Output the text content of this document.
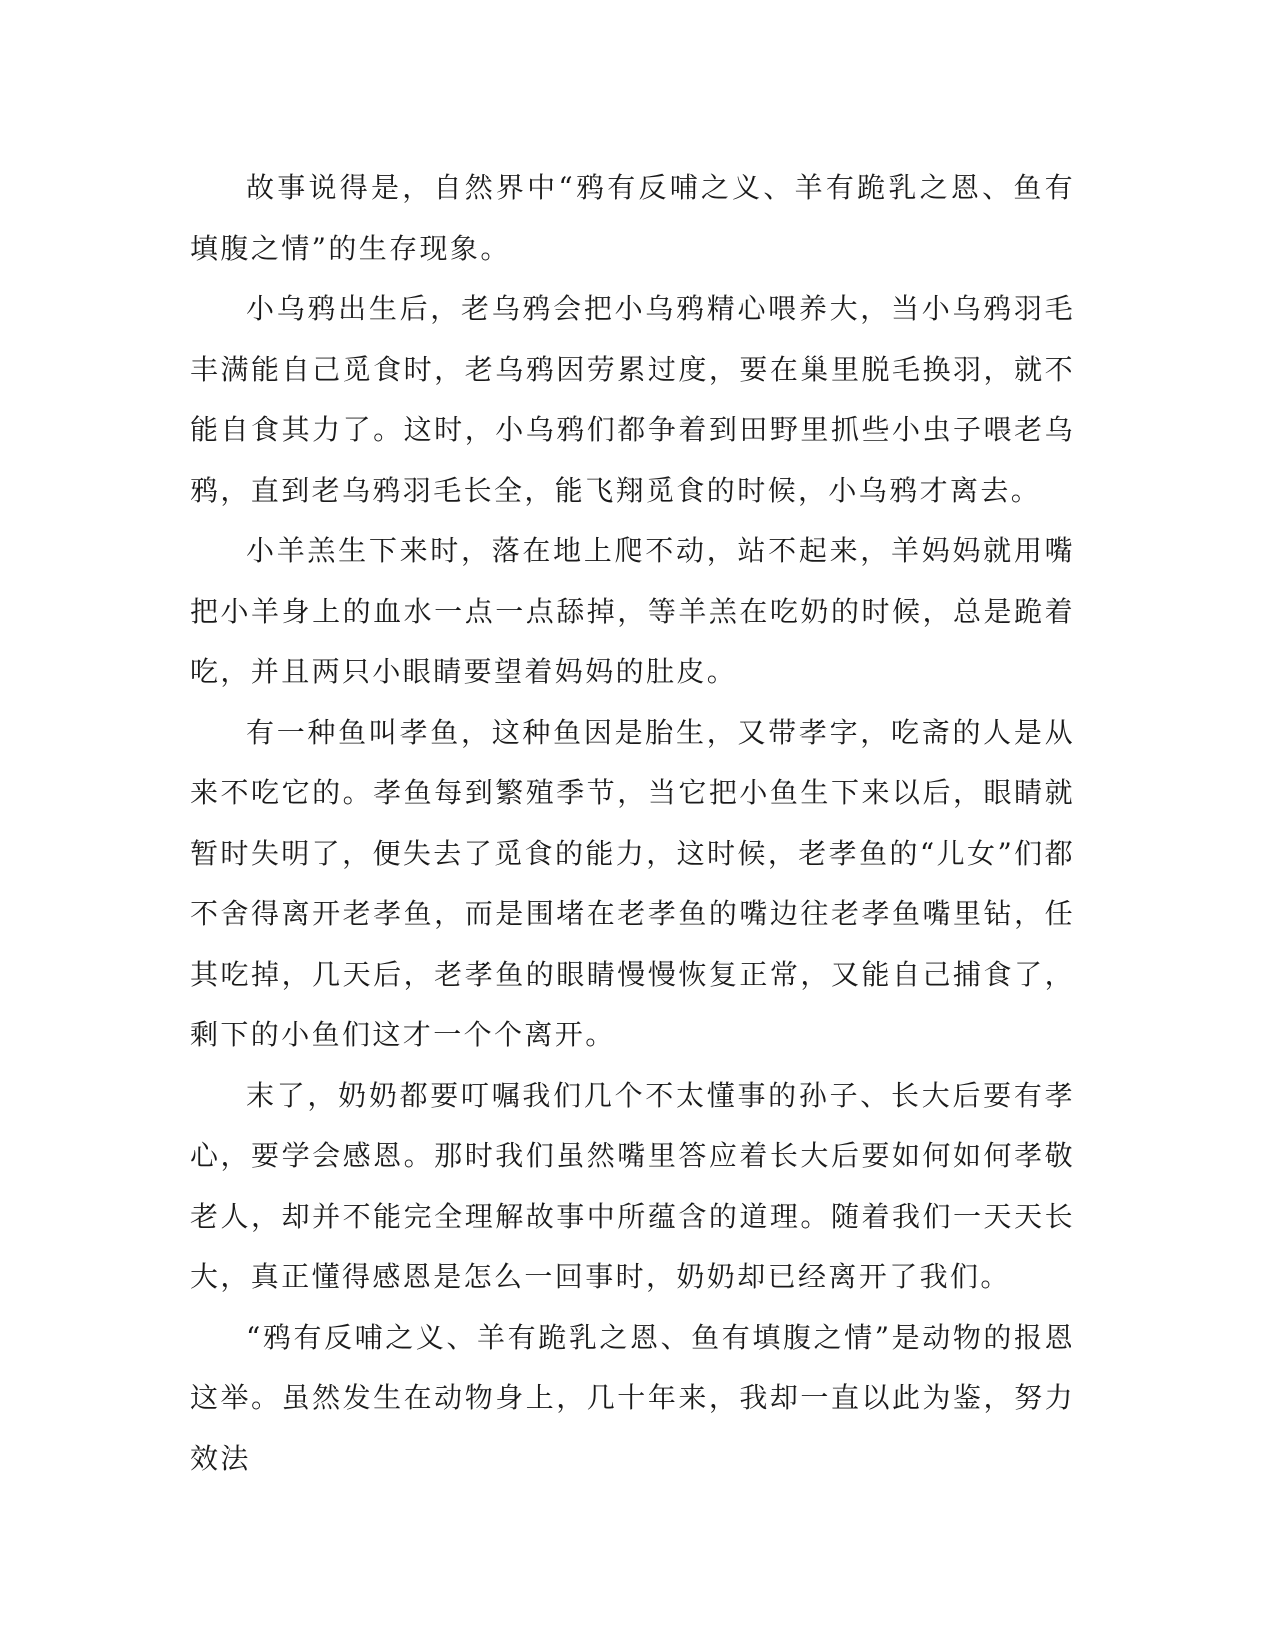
故事说得是，自然界中“鸦有反哺之义、羊有跪乳之恩、鱼有填腹之情”的生存现象。

小乌鸦出生后，老乌鸦会把小乌鸦精心喂养大，当小乌鸦羽毛丰满能自己觅食时，老乌鸦因劳累过度，要在巢里脱毛换羽，就不能自食其力了。这时，小乌鸦们都争着到田野里抓些小虫子喂老乌鸦，直到老乌鸦羽毛长全，能飞翔觅食的时候，小乌鸦才离去。

小羊羔生下来时，落在地上爬不动，站不起来，羊妈妈就用嘴把小羊身上的血水一点一点舔掉，等羊羔在吃奶的时候，总是跪着吃，并且两只小眼睛要望着妈妈的肚皮。

有一种鱼叫孝鱼，这种鱼因是胎生，又带孝字，吃斋的人是从来不吃它的。孝鱼每到繁殖季节，当它把小鱼生下来以后，眼睛就暂时失明了，便失去了觅食的能力，这时候，老孝鱼的“儿女”们都不舍得离开老孝鱼，而是围堵在老孝鱼的嘴边往老孝鱼嘴里钻，任其吃掉，几天后，老孝鱼的眼睛慢慢恢复正常，又能自己捕食了，剩下的小鱼们这才一个个离开。

末了，奶奶都要叮嘱我们几个不太懂事的孙子、长大后要有孝心，要学会感恩。那时我们虽然嘴里答应着长大后要如何如何孝敬老人，却并不能完全理解故事中所蕴含的道理。随着我们一天天长大，真正懂得感恩是怎么一回事时，奶奶却已经离开了我们。

“鸦有反哺之义、羊有跪乳之恩、鱼有填腹之情”是动物的报恩这举。虽然发生在动物身上，几十年来，我却一直以此为鉴，努力效法
